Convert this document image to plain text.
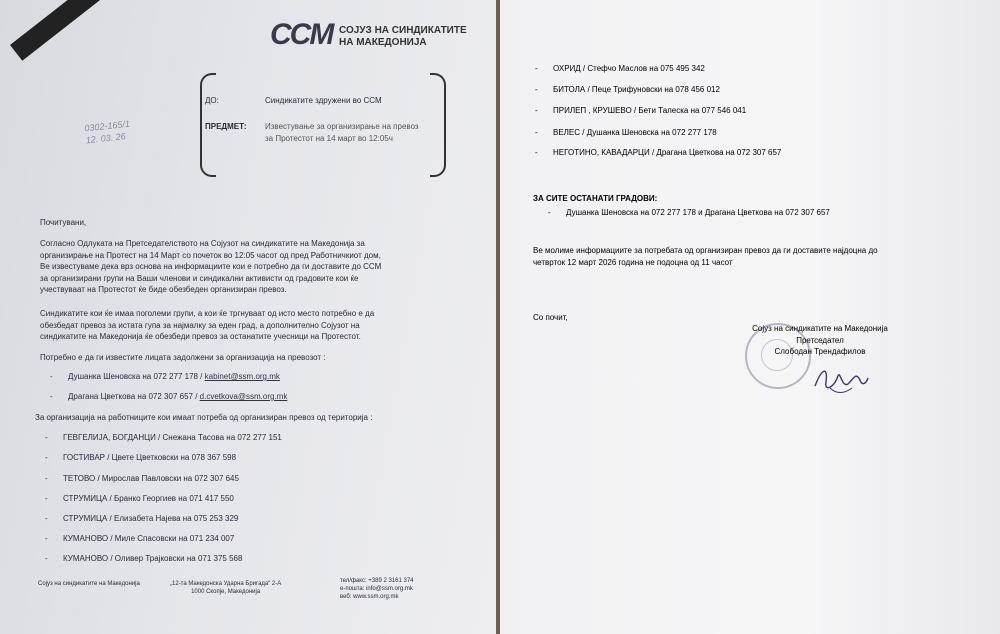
ССМ СОЈУЗ НА СИНДИКАТИТЕ
НА МАКЕДОНИЈА
ДО:	Синдикатите здружени во ССМ
ПРЕДМЕТ: Известување за организирање на превоз
за Протестот на 14 март во 12:05ч
0302-165/1
12. 03. 26
Почитувани,
Согласно Одлуката на Претседателството на Сојузот на синдикатите на Македонија за
организирање на Протест на 14 Март со почеток во 12:05 часот од пред Работничкиот дом,
Ве известуваме дека врз основа на информациите кои е потребно да ги доставите до ССМ
за организирани групи на Ваши членови и синдикални активисти од градовите кои ќе
учествуваат на Протестот ќе биде обезбеден организиран превоз.
Синдикатите кои ќе имаа поголеми групи, а кои ќе тргнуваат од исто место потребно е да
обезбедат превоз за истата гупа за најмалку за еден град, а дополнително Сојузот на
синдикатите на Македонија ќе обезбеди превоз за останатите учесници на Протестот.
Потребно е да ги известите лицата задолжени за организација на превозот :
- Душанка Шеновска на 072 277 178 / kabinet@ssm.org.mk
- Драгана Цветкова на 072 307 657 / d.cvetkova@ssm.org.mk
За организација на работниците кои имаат потреба од организиран превоз од територија :
- ГЕВГЕЛИЈА, БОГДАНЦИ / Снежана Тасова на 072 277 151
- ГОСТИВАР / Цвете Цветковски на 078 367 598
- ТЕТОВО / Мирослав Павловски на 072 307 645
- СТРУМИЦА / Бранко Георгиев на 071 417 550
- СТРУМИЦА / Елизабета Најева на 075 253 329
- КУМАНОВО / Миле Спасовски на 071 234 007
- КУМАНОВО / Оливер Трајковски на 071 375 568
Сојуз на синдикатите на Македонија	„12-та Македонска Ударна Бригада“ 2-А
1000 Скопје, Македонија
тел/факс: +389 2 3161 374
е-пошта: info@ssm.org.mk
веб: www.ssm.org.mk
- ОХРИД / Стефчо Маслов на 075 495 342
- БИТОЛА / Пеце Трифуновски на 078 456 012
- ПРИЛЕП , КРУШЕВО / Бети Талеска на 077 546 041
- ВЕЛЕС / Душанка Шеновска на 072 277 178
- НЕГОТИНО, КАВАДАРЦИ / Драгана Цветкова на 072 307 657
ЗА СИТЕ ОСТАНАТИ ГРАДОВИ:
- Душанка Шеновска на 072 277 178 и Драгана Цветкова на 072 307 657
Ве молиме информациите за потребата од организиран превоз да ги доставите најдоцна до
четврток 12 март 2026 година не подоцна од 11 часот
Со почит,
Сојуз на синдикатите на Македонија
Претседател
Слободан Трендафилов
